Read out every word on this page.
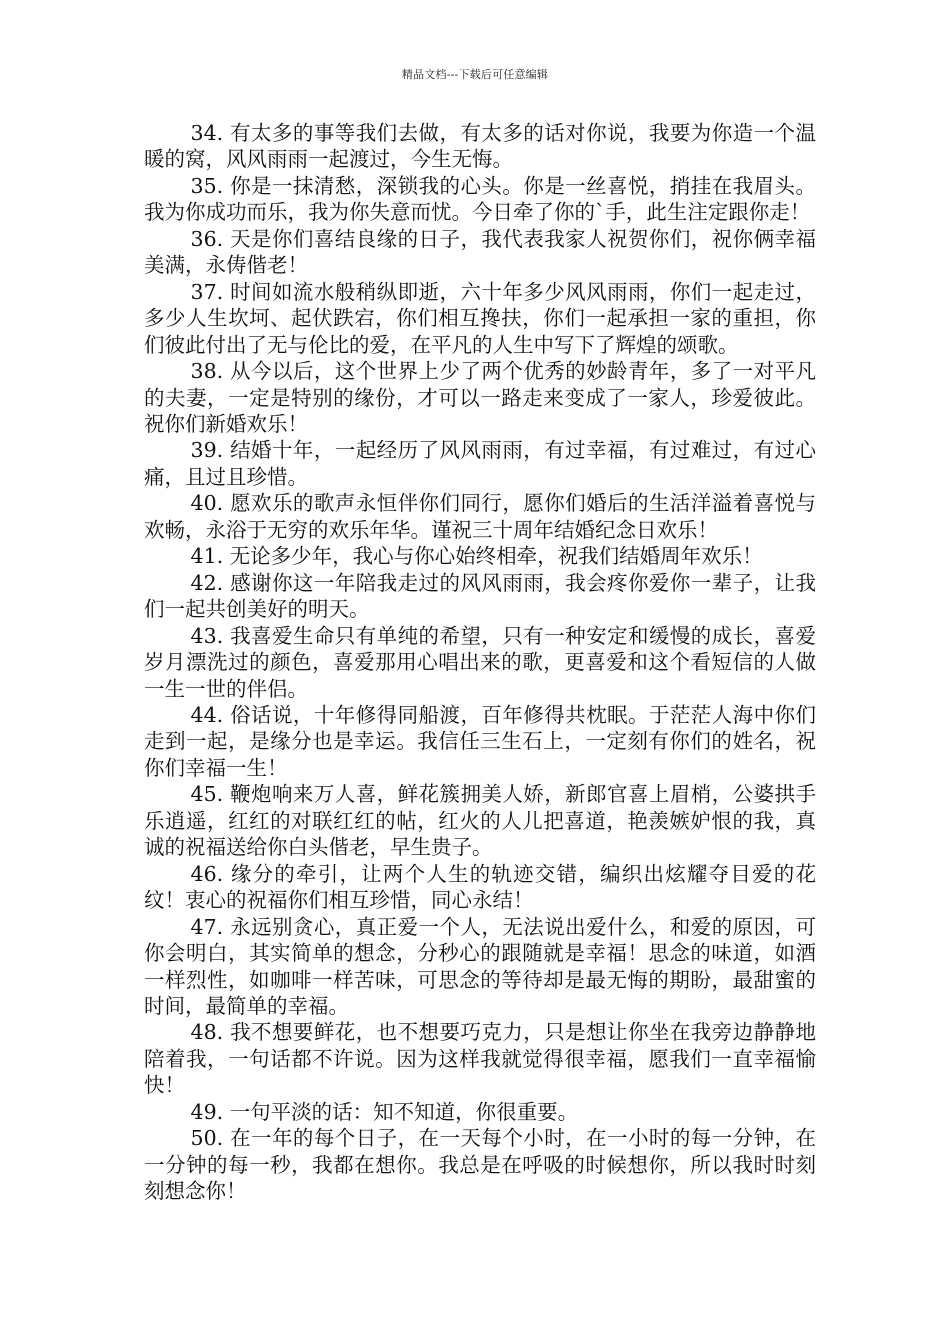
精品文档---下载后可任意编辑

34. 有太多的事等我们去做，有太多的话对你说，我要为你造一个温暖的窝，风风雨雨一起渡过，今生无悔。

35. 你是一抹清愁，深锁我的心头。你是一丝喜悦，捎挂在我眉头。我为你成功而乐，我为你失意而忧。今日牵了你的`手，此生注定跟你走！

36. 天是你们喜结良缘的日子，我代表我家人祝贺你们，祝你俩幸福美满，永俦偕老！

37. 时间如流水般稍纵即逝，六十年多少风风雨雨，你们一起走过，多少人生坎坷、起伏跌宕，你们相互搀扶，你们一起承担一家的重担，你们彼此付出了无与伦比的爱，在平凡的人生中写下了辉煌的颂歌。

38. 从今以后，这个世界上少了两个优秀的妙龄青年，多了一对平凡的夫妻，一定是特别的缘份，才可以一路走来变成了一家人，珍爱彼此。祝你们新婚欢乐！

39. 结婚十年，一起经历了风风雨雨，有过幸福，有过难过，有过心痛，且过且珍惜。

40. 愿欢乐的歌声永恒伴你们同行，愿你们婚后的生活洋溢着喜悦与欢畅，永浴于无穷的欢乐年华。谨祝三十周年结婚纪念日欢乐！

41. 无论多少年，我心与你心始终相牵，祝我们结婚周年欢乐！

42. 感谢你这一年陪我走过的风风雨雨，我会疼你爱你一辈子，让我们一起共创美好的明天。

43. 我喜爱生命只有单纯的希望，只有一种安定和缓慢的成长，喜爱岁月漂洗过的颜色，喜爱那用心唱出来的歌，更喜爱和这个看短信的人做一生一世的伴侣。

44. 俗话说，十年修得同船渡，百年修得共枕眠。于茫茫人海中你们走到一起，是缘分也是幸运。我信任三生石上，一定刻有你们的姓名，祝你们幸福一生！

45. 鞭炮响来万人喜，鲜花簇拥美人娇，新郎官喜上眉梢，公婆拱手乐逍遥，红红的对联红红的帖，红火的人儿把喜道，艳羡嫉妒恨的我，真诚的祝福送给你白头偕老，早生贵子。

46. 缘分的牵引，让两个人生的轨迹交错，编织出炫耀夺目爱的花纹！衷心的祝福你们相互珍惜，同心永结！

47. 永远别贪心，真正爱一个人，无法说出爱什么，和爱的原因，可你会明白，其实简单的想念，分秒心的跟随就是幸福！思念的味道，如酒一样烈性，如咖啡一样苦味，可思念的等待却是最无悔的期盼，最甜蜜的时间，最简单的幸福。

48. 我不想要鲜花，也不想要巧克力，只是想让你坐在我旁边静静地陪着我，一句话都不许说。因为这样我就觉得很幸福，愿我们一直幸福愉快！

49. 一句平淡的话：知不知道，你很重要。

50. 在一年的每个日子，在一天每个小时，在一小时的每一分钟，在一分钟的每一秒，我都在想你。我总是在呼吸的时候想你，所以我时时刻刻想念你！
